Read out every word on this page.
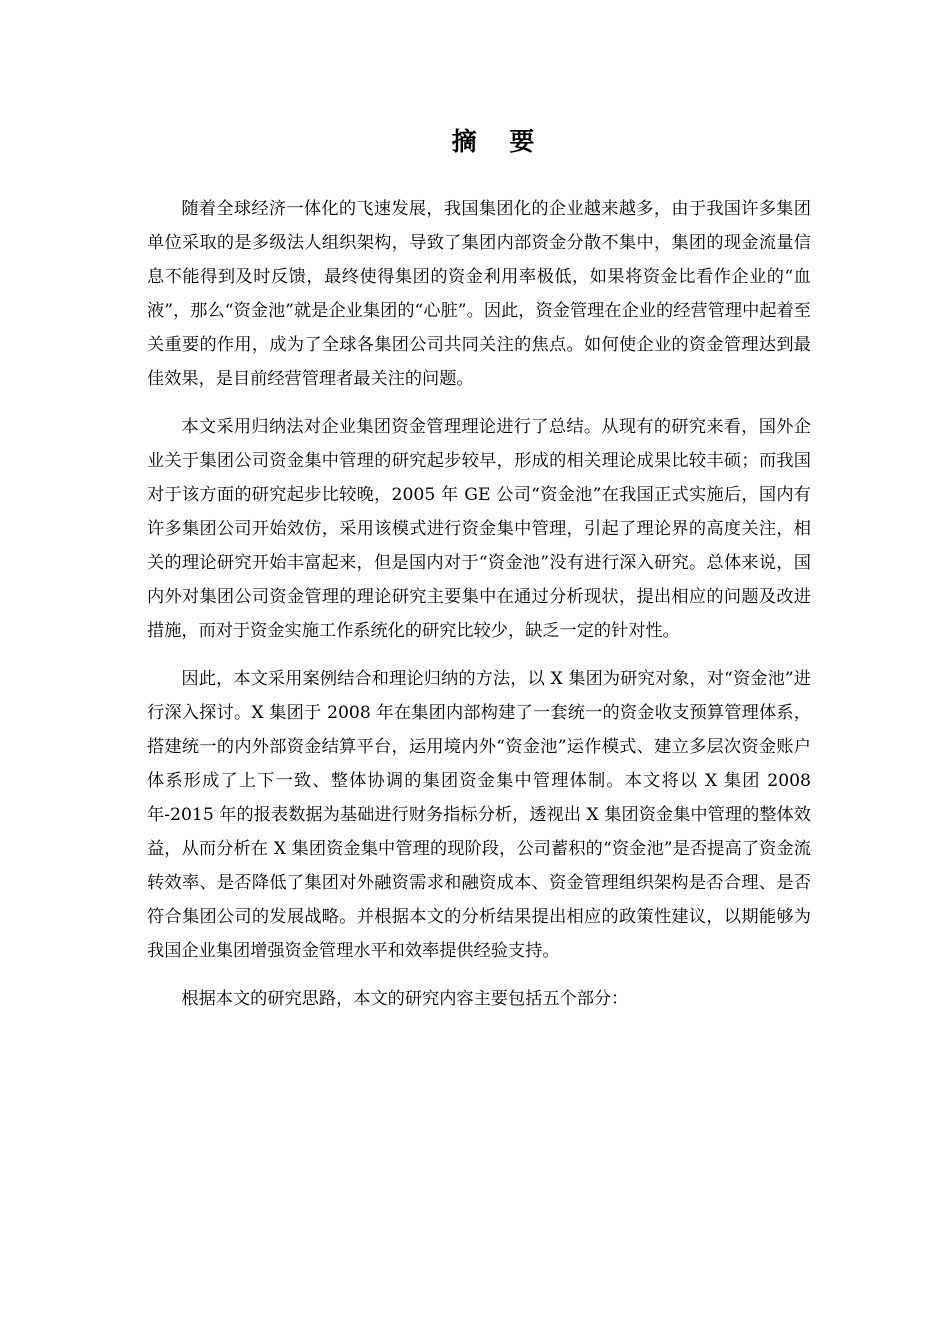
摘 要

随着全球经济一体化的飞速发展，我国集团化的企业越来越多，由于我国许多集团单位采取的是多级法人组织架构，导致了集团内部资金分散不集中，集团的现金流量信息不能得到及时反馈，最终使得集团的资金利用率极低，如果将资金比看作企业的“血液”，那么“资金池”就是企业集团的“心脏”。因此，资金管理在企业的经营管理中起着至关重要的作用，成为了全球各集团公司共同关注的焦点。如何使企业的资金管理达到最佳效果，是目前经营管理者最关注的问题。

本文采用归纳法对企业集团资金管理理论进行了总结。从现有的研究来看，国外企业关于集团公司资金集中管理的研究起步较早，形成的相关理论成果比较丰硕；而我国对于该方面的研究起步比较晚，2005 年 GE 公司“资金池”在我国正式实施后，国内有许多集团公司开始效仿，采用该模式进行资金集中管理，引起了理论界的高度关注，相关的理论研究开始丰富起来，但是国内对于“资金池”没有进行深入研究。总体来说，国内外对集团公司资金管理的理论研究主要集中在通过分析现状，提出相应的问题及改进措施，而对于资金实施工作系统化的研究比较少，缺乏一定的针对性。

因此，本文采用案例结合和理论归纳的方法，以 X 集团为研究对象，对“资金池”进行深入探讨。X 集团于 2008 年在集团内部构建了一套统一的资金收支预算管理体系，搭建统一的内外部资金结算平台，运用境内外“资金池”运作模式、建立多层次资金账户体系形成了上下一致、整体协调的集团资金集中管理体制。本文将以 X 集团 2008 年-2015 年的报表数据为基础进行财务指标分析，透视出 X 集团资金集中管理的整体效益，从而分析在 X 集团资金集中管理的现阶段，公司蓄积的“资金池”是否提高了资金流转效率、是否降低了集团对外融资需求和融资成本、资金管理组织架构是否合理、是否符合集团公司的发展战略。并根据本文的分析结果提出相应的政策性建议，以期能够为我国企业集团增强资金管理水平和效率提供经验支持。

根据本文的研究思路，本文的研究内容主要包括五个部分：
